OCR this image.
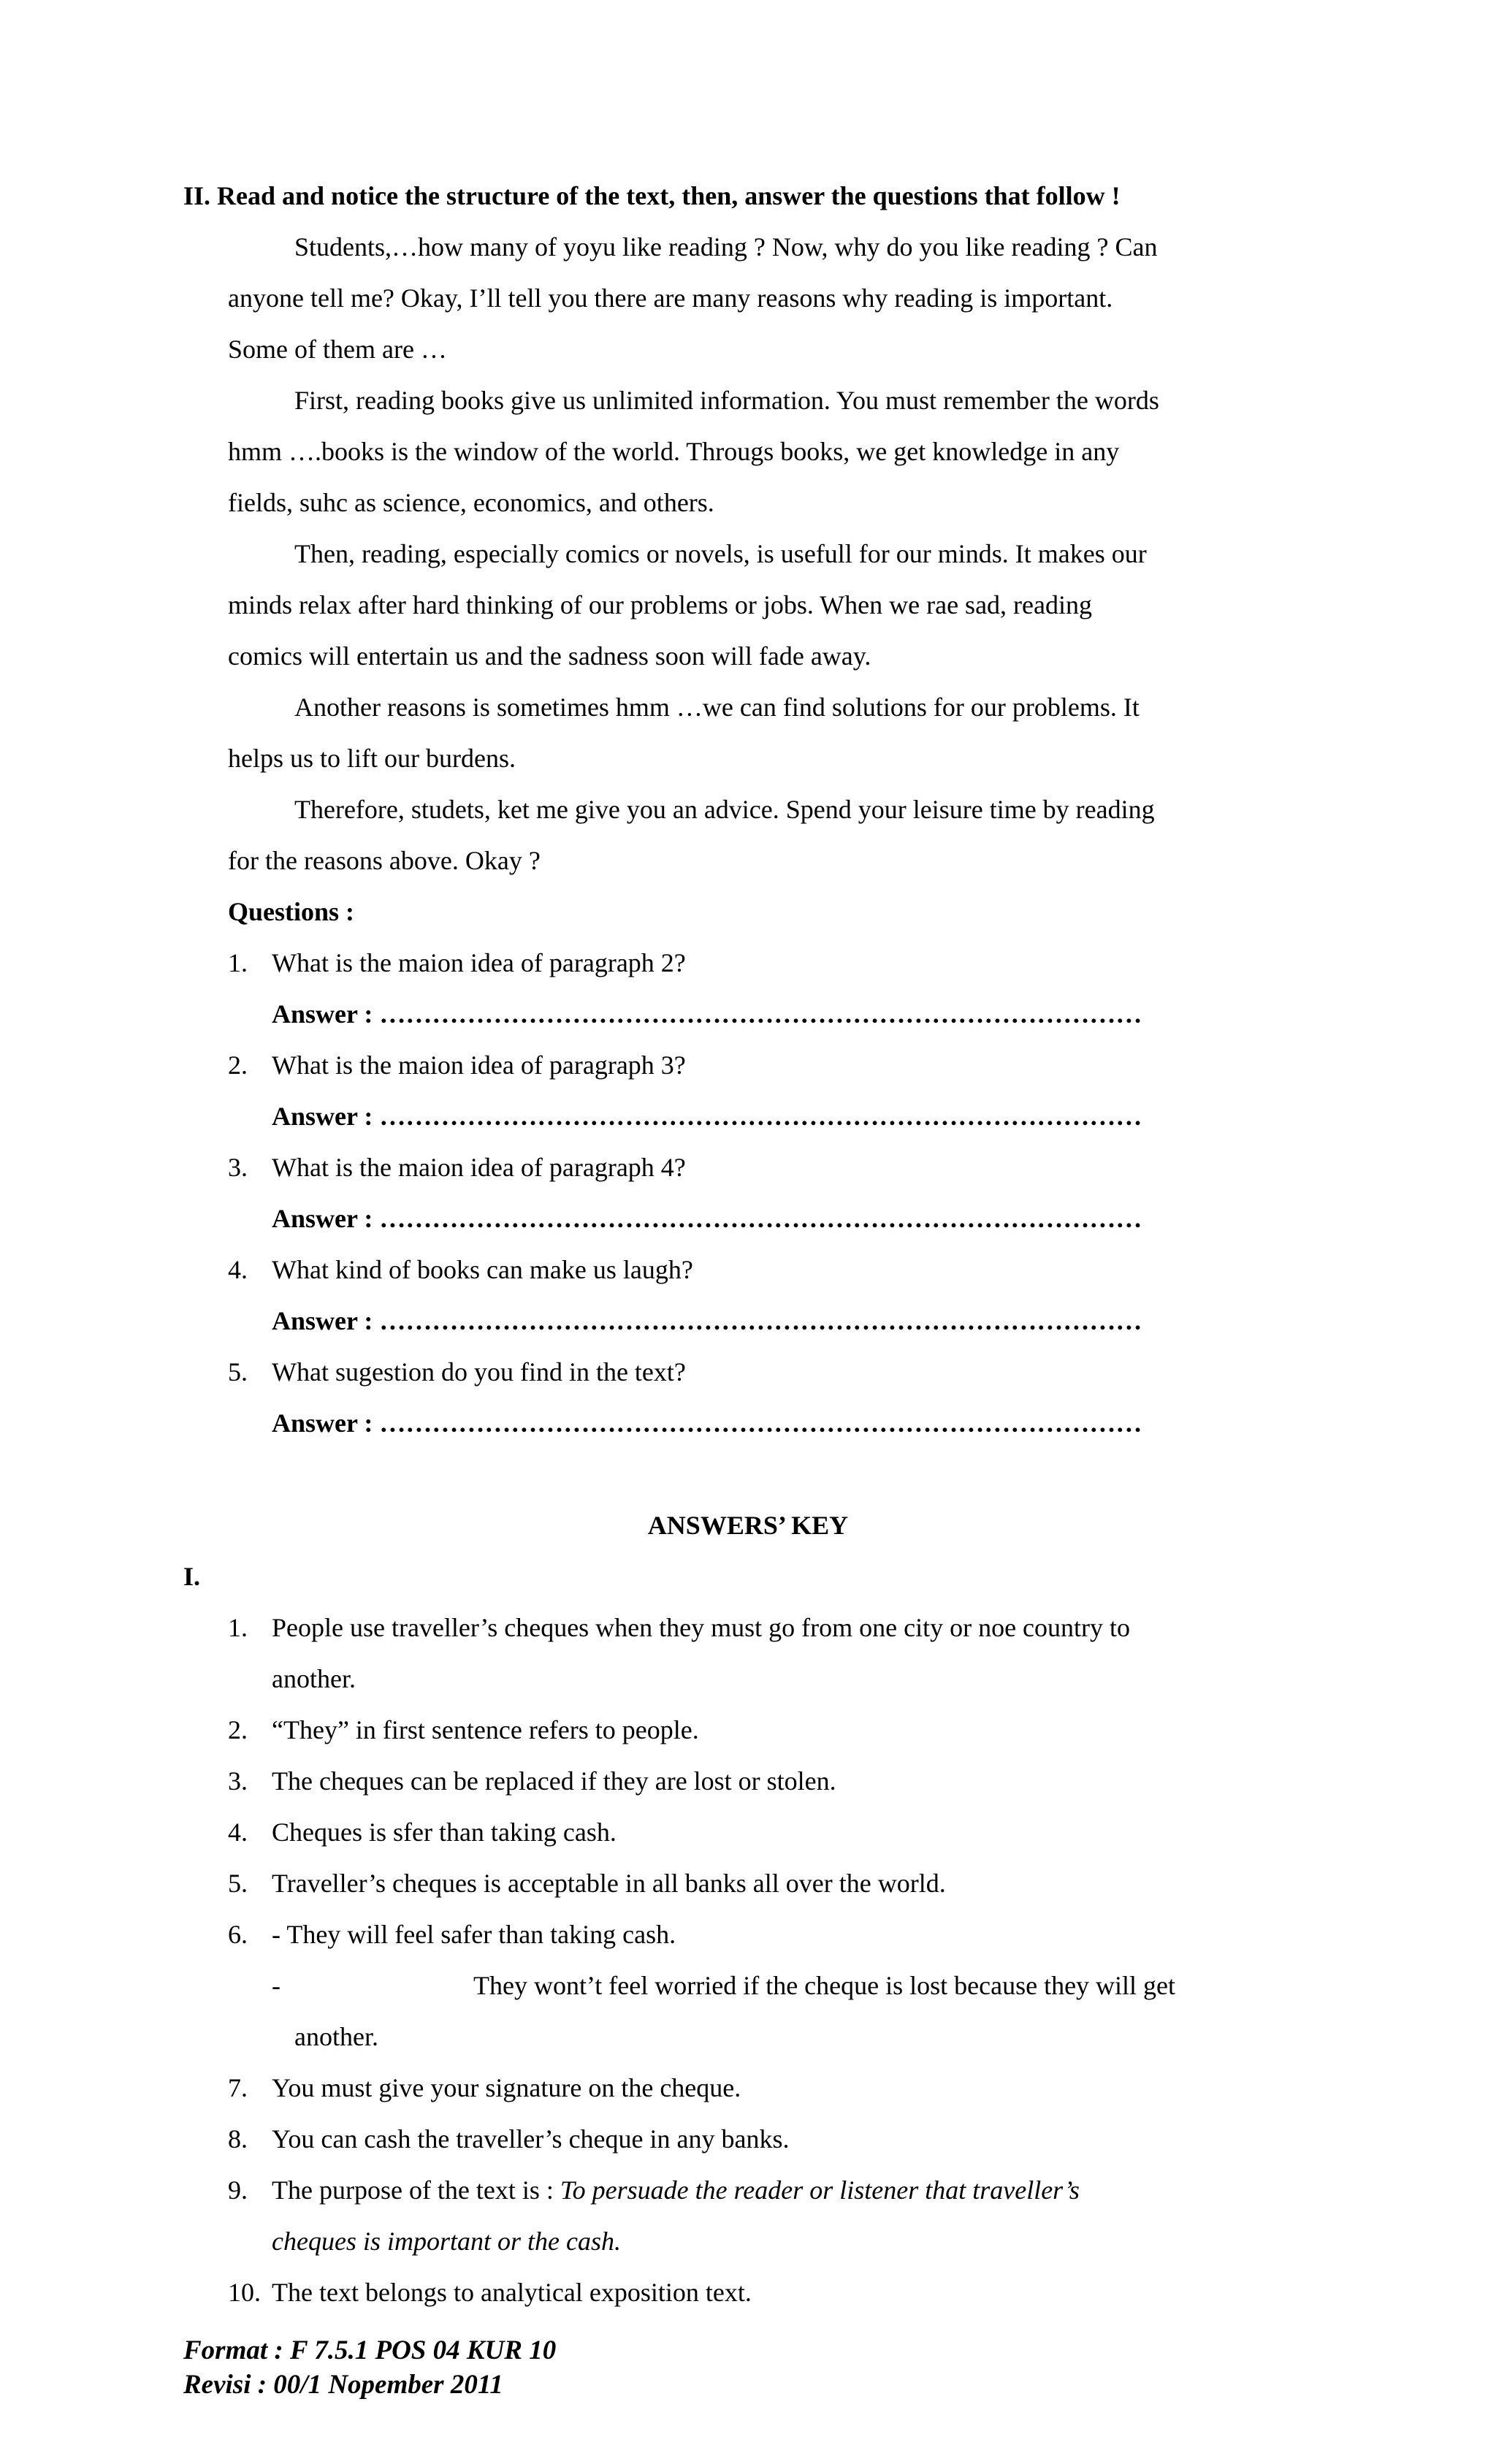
II. Read and notice the structure of the text, then, answer the questions that follow !
Students,…how many of yoyu like reading ? Now, why do you like reading ? Can
anyone tell me? Okay, I’ll tell you there are many reasons why reading is important.
Some of them are …
First, reading books give us unlimited information. You must remember the words
hmm ….books is the window of the world. Througs books, we get knowledge in any
fields, suhc as science, economics, and others.
Then, reading, especially comics or novels, is usefull for our minds. It makes our
minds relax after hard thinking of our problems or jobs. When we rae sad, reading
comics will entertain us and the sadness soon will fade away.
Another reasons is sometimes hmm …we can find solutions for our problems. It
helps us to lift our burdens.
Therefore, studets, ket me give you an advice. Spend your leisure time by reading
for the reasons above. Okay ?
Questions :
1. What is the maion idea of paragraph 2?
Answer : ……………………………………………………………………………
2. What is the maion idea of paragraph 3?
Answer : ……………………………………………………………………………
3. What is the maion idea of paragraph 4?
Answer : ……………………………………………………………………………
4. What kind of books can make us laugh?
Answer : ……………………………………………………………………………
5. What sugestion do you find in the text?
Answer : ……………………………………………………………………………
ANSWERS’ KEY
I.
1. People use traveller’s cheques when they must go from one city or noe country to
another.
2. “They” in first sentence refers to people.
3. The cheques can be replaced if they are lost or stolen.
4. Cheques is sfer than taking cash.
5. Traveller’s cheques is acceptable in all banks all over the world.
6. - They will feel safer than taking cash.
-	They wont’t feel worried if the cheque is lost because they will get
another.
7. You must give your signature on the cheque.
8. You can cash the traveller’s cheque in any banks.
9. The purpose of the text is : To persuade the reader or listener that traveller’s
cheques is important or the cash.
10. The text belongs to analytical exposition text.
Format : F 7.5.1 POS 04 KUR 10
Revisi : 00/1 Nopember 2011
